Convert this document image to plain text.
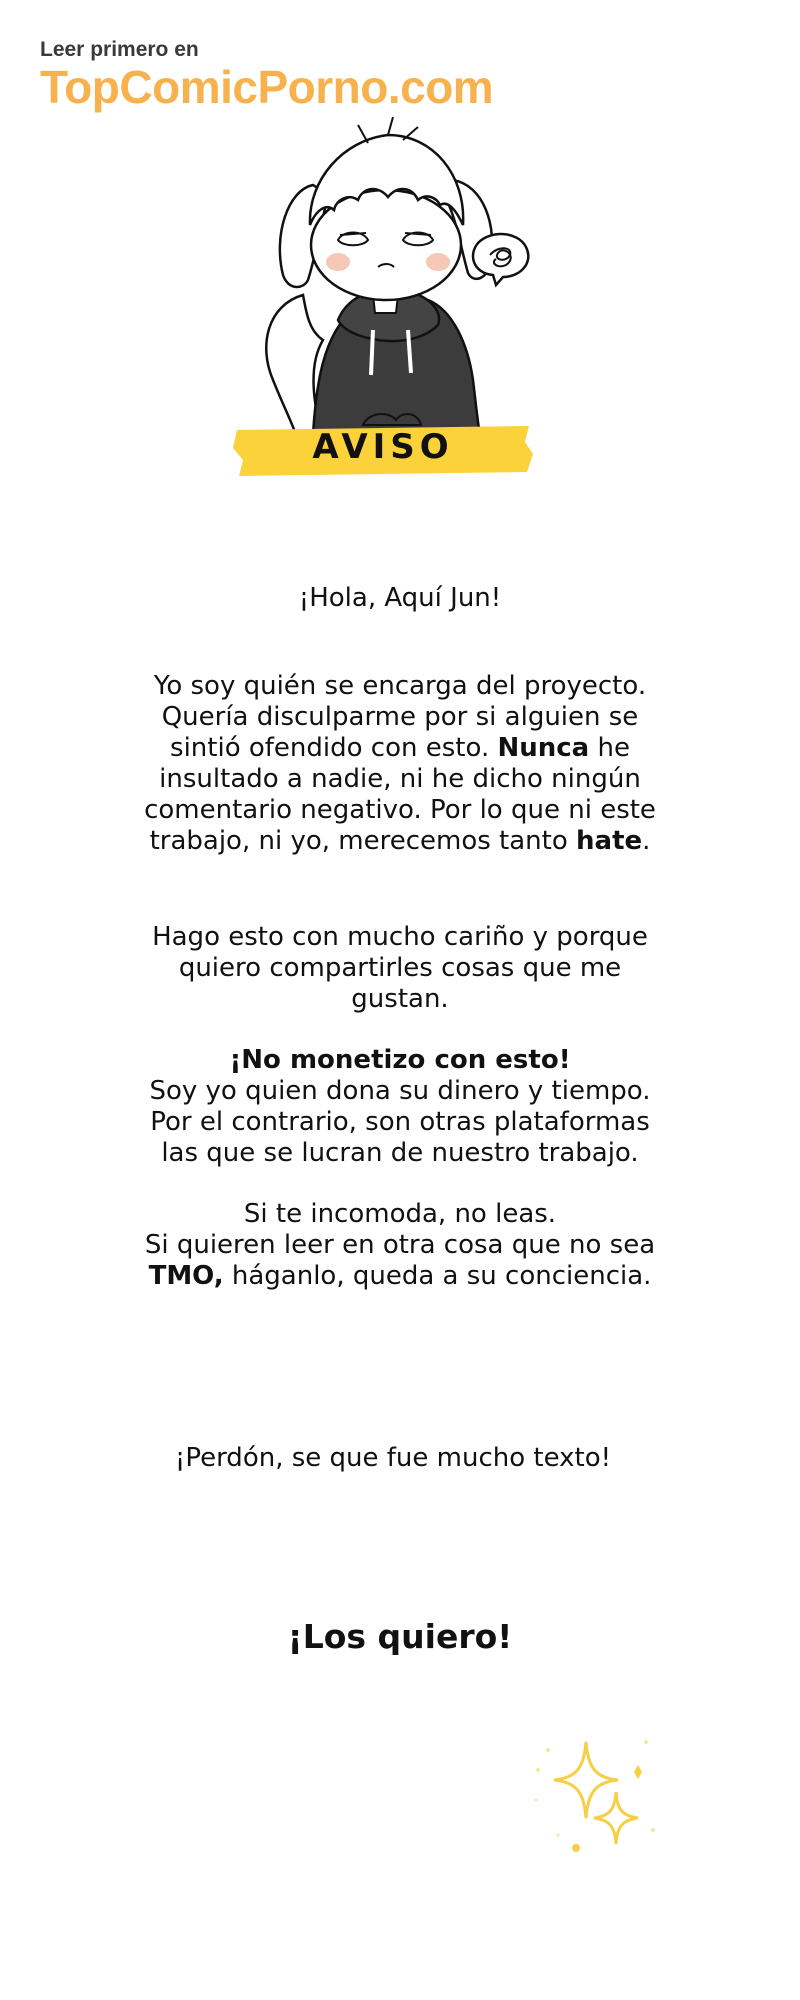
Leer primero en
TopComicPorno.com
AVISO
¡Hola, Aquí Jun!
Yo soy quién se encarga del proyecto.
Quería disculparme por si alguien se
sintió ofendido con esto. Nunca he
insultado a nadie, ni he dicho ningún
comentario negativo. Por lo que ni este
trabajo, ni yo, merecemos tanto hate.
Hago esto con mucho cariño y porque
quiero compartirles cosas que me
gustan.
¡No monetizo con esto!
Soy yo quien dona su dinero y tiempo.
Por el contrario, son otras plataformas
las que se lucran de nuestro trabajo.
Si te incomoda, no leas.
Si quieren leer en otra cosa que no sea
TMO, háganlo, queda a su conciencia.
¡Perdón, se que fue mucho texto!
¡Los quiero!
